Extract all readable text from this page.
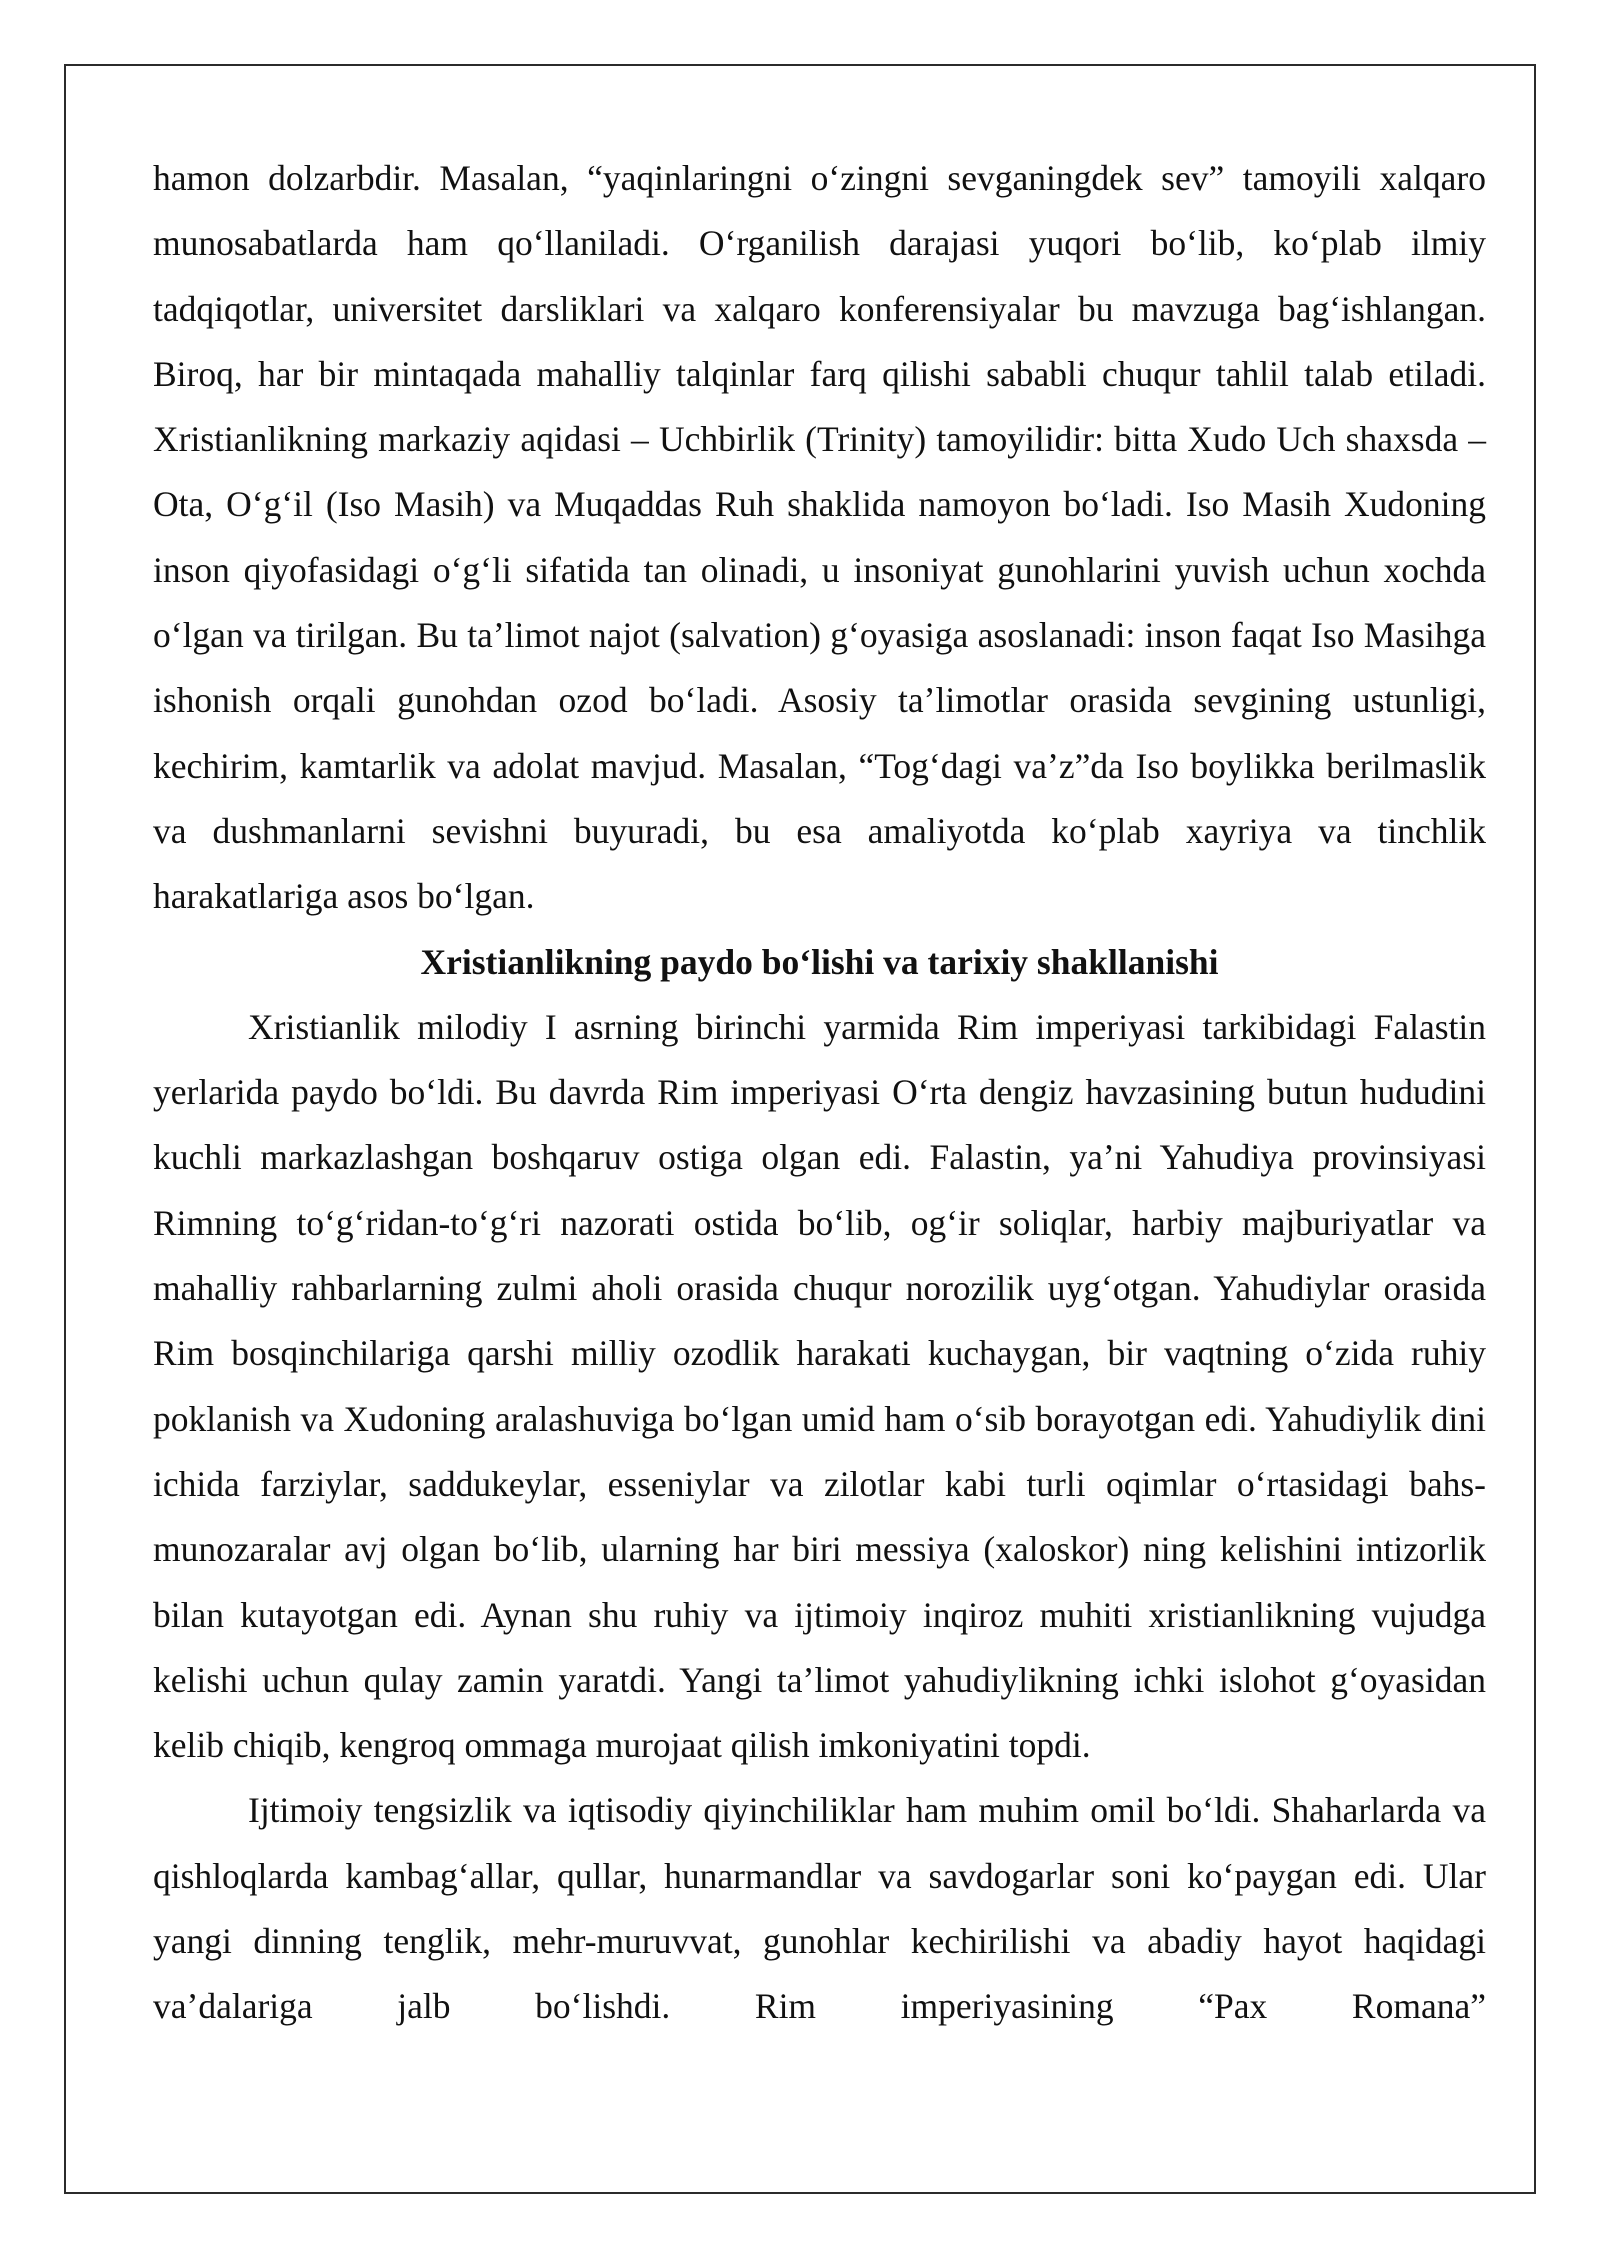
hamon dolzarbdir. Masalan, “yaqinlaringni oʻzingni sevganingdek sev” tamoyili xalqaro munosabatlarda ham qoʻllaniladi. Oʻrganilish darajasi yuqori boʻlib, koʻplab ilmiy tadqiqotlar, universitet darsliklari va xalqaro konferensiyalar bu mavzuga bagʻishlangan. Biroq, har bir mintaqada mahalliy talqinlar farq qilishi sababli chuqur tahlil talab etiladi. Xristianlikning markaziy aqidasi – Uchbirlik (Trinity) tamoyilidir: bitta Xudo Uch shaxsda – Ota, Oʻgʻil (Iso Masih) va Muqaddas Ruh shaklida namoyon boʻladi. Iso Masih Xudoning inson qiyofasidagi oʻgʻli sifatida tan olinadi, u insoniyat gunohlarini yuvish uchun xochda oʻlgan va tirilgan. Bu taʼlimot najot (salvation) gʻoyasiga asoslanadi: inson faqat Iso Masihga ishonish orqali gunohdan ozod boʻladi. Asosiy taʼlimotlar orasida sevgining ustunligi, kechirim, kamtarlik va adolat mavjud. Masalan, “Togʻdagi vaʼz”da Iso boylikka berilmaslik va dushmanlarni sevishni buyuradi, bu esa amaliyotda koʻplab xayriya va tinchlik harakatlariga asos boʻlgan.

Xristianlikning paydo boʻlishi va tarixiy shakllanishi

Xristianlik milodiy I asrning birinchi yarmida Rim imperiyasi tarkibidagi Falastin yerlarida paydo boʻldi. Bu davrda Rim imperiyasi Oʻrta dengiz havzasining butun hududini kuchli markazlashgan boshqaruv ostiga olgan edi. Falastin, yaʼni Yahudiya provinsiyasi Rimning toʻgʻridan-toʻgʻri nazorati ostida boʻlib, ogʻir soliqlar, harbiy majburiyatlar va mahalliy rahbarlarning zulmi aholi orasida chuqur norozilik uygʻotgan. Yahudiylar orasida Rim bosqinchilariga qarshi milliy ozodlik harakati kuchaygan, bir vaqtning oʻzida ruhiy poklanish va Xudoning aralashuviga boʻlgan umid ham oʻsib borayotgan edi. Yahudiylik dini ichida farziylar, saddukeylar, esseniylar va zilotlar kabi turli oqimlar oʻrtasidagi bahs-munozaralar avj olgan boʻlib, ularning har biri messiya (xaloskor) ning kelishini intizorlik bilan kutayotgan edi. Aynan shu ruhiy va ijtimoiy inqiroz muhiti xristianlikning vujudga kelishi uchun qulay zamin yaratdi. Yangi taʼlimot yahudiylikning ichki islohot gʻoyasidan kelib chiqib, kengroq ommaga murojaat qilish imkoniyatini topdi.

Ijtimoiy tengsizlik va iqtisodiy qiyinchiliklar ham muhim omil boʻldi. Shaharlarda va qishloqlarda kambagʻallar, qullar, hunarmandlar va savdogarlar soni koʻpaygan edi. Ular yangi dinning tenglik, mehr-muruvvat, gunohlar kechirilishi va abadiy hayot haqidagi vaʼdalariga jalb boʻlishdi. Rim imperiyasining “Pax Romana”
